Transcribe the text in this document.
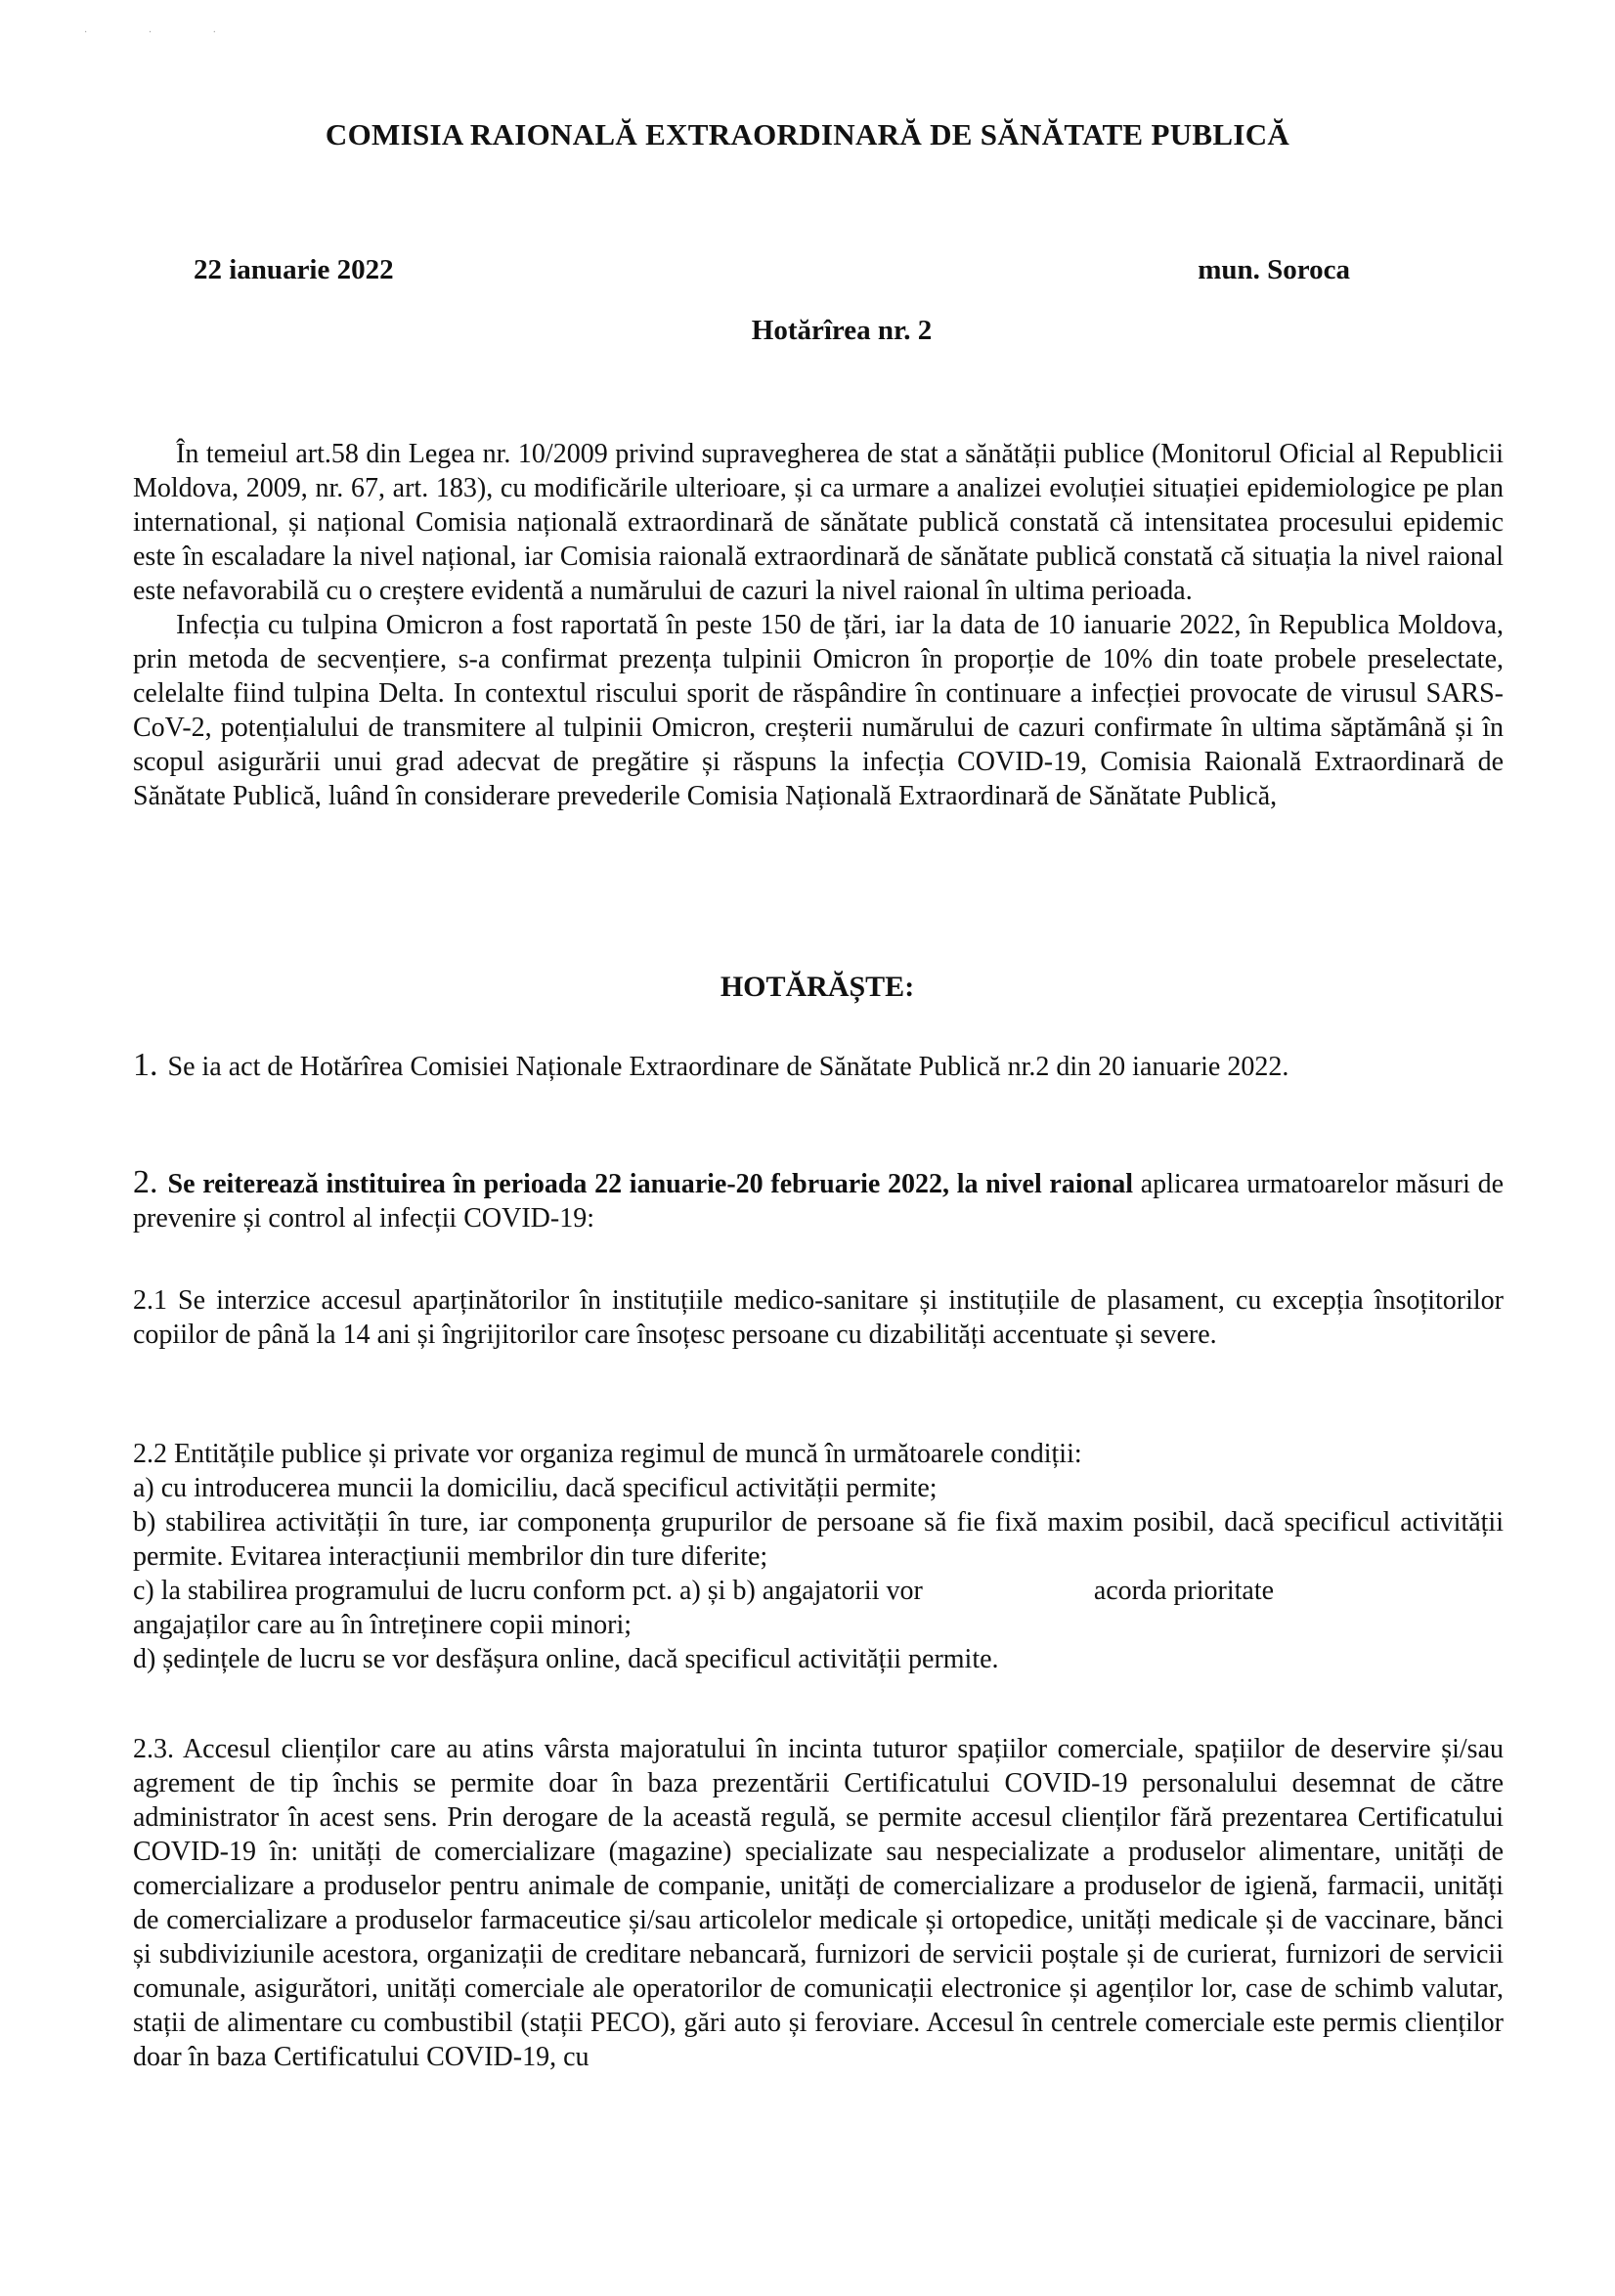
· · ·
COMISIA RAIONALĂ EXTRAORDINARĂ DE SĂNĂTATE PUBLICĂ
22 ianuarie 2022	mun. Soroca
Hotărîrea nr. 2

În temeiul art.58 din Legea nr. 10/2009 privind supravegherea de stat a sănătății publice (Monitorul Oficial al Republicii Moldova, 2009, nr. 67, art. 183), cu modificările ulterioare, și ca urmare a analizei evoluției situației epidemiologice pe plan international, și național Comisia națională extraordinară de sănătate publică constată că intensitatea procesului epidemic este în escaladare la nivel național, iar Comisia raională extraordinară de sănătate publică constată că situația la nivel raional este nefavorabilă cu o creștere evidentă a numărului de cazuri la nivel raional în ultima perioada.

Infecția cu tulpina Omicron a fost raportată în peste 150 de țări, iar la data de 10 ianuarie 2022, în Republica Moldova, prin metoda de secvențiere, s-a confirmat prezența tulpinii Omicron în proporție de 10% din toate probele preselectate, celelalte fiind tulpina Delta. In contextul riscului sporit de răspândire în continuare a infecției provocate de virusul SARS-CoV-2, potențialului de transmitere al tulpinii Omicron, creșterii numărului de cazuri confirmate în ultima săptămână și în scopul asigurării unui grad adecvat de pregătire și răspuns la infecția COVID-19, Comisia Raională Extraordinară de Sănătate Publică, luând în considerare prevederile Comisia Națională Extraordinară de Sănătate Publică,

HOTĂRĂȘTE:

1. Se ia act de Hotărîrea Comisiei Naționale Extraordinare de Sănătate Publică nr.2 din 20 ianuarie 2022.

2. Se reiterează instituirea în perioada 22 ianuarie-20 februarie 2022, la nivel raional aplicarea urmatoarelor măsuri de prevenire și control al infecții COVID-19:

2.1 Se interzice accesul aparținătorilor în instituțiile medico-sanitare și instituțiile de plasament, cu excepția însoțitorilor copiilor de până la 14 ani și îngrijitorilor care însoțesc persoane cu dizabilități accentuate și severe.

2.2 Entitățile publice și private vor organiza regimul de muncă în următoarele condiții:

a) cu introducerea muncii la domiciliu, dacă specificul activității permite;

b) stabilirea activității în ture, iar componența grupurilor de persoane să fie fixă maxim posibil, dacă specificul activității permite. Evitarea interacțiunii membrilor din ture diferite;

c) la stabilirea programului de lucru conform pct. a) și b) angajatorii vor	acorda prioritate
angajaților care au în întreținere copii minori;

d) ședințele de lucru se vor desfășura online, dacă specificul activității permite.

2.3. Accesul clienților care au atins vârsta majoratului în incinta tuturor spațiilor comerciale, spațiilor de deservire și/sau agrement de tip închis se permite doar în baza prezentării Certificatului COVID-19 personalului desemnat de către administrator în acest sens. Prin derogare de la această regulă, se permite accesul clienților fără prezentarea Certificatului COVID-19 în: unități de comercializare (magazine) specializate sau nespecializate a produselor alimentare, unități de comercializare a produselor pentru animale de companie, unități de comercializare a produselor de igienă, farmacii, unități de comercializare a produselor farmaceutice și/sau articolelor medicale și ortopedice, unități medicale și de vaccinare, bănci și subdiviziunile acestora, organizații de creditare nebancară, furnizori de servicii poștale și de curierat, furnizori de servicii comunale, asigurători, unități comerciale ale operatorilor de comunicații electronice și agenților lor, case de schimb valutar, stații de alimentare cu combustibil (stații PECO), gări auto și feroviare. Accesul în centrele comerciale este permis clienților doar în baza Certificatului COVID-19, cu
